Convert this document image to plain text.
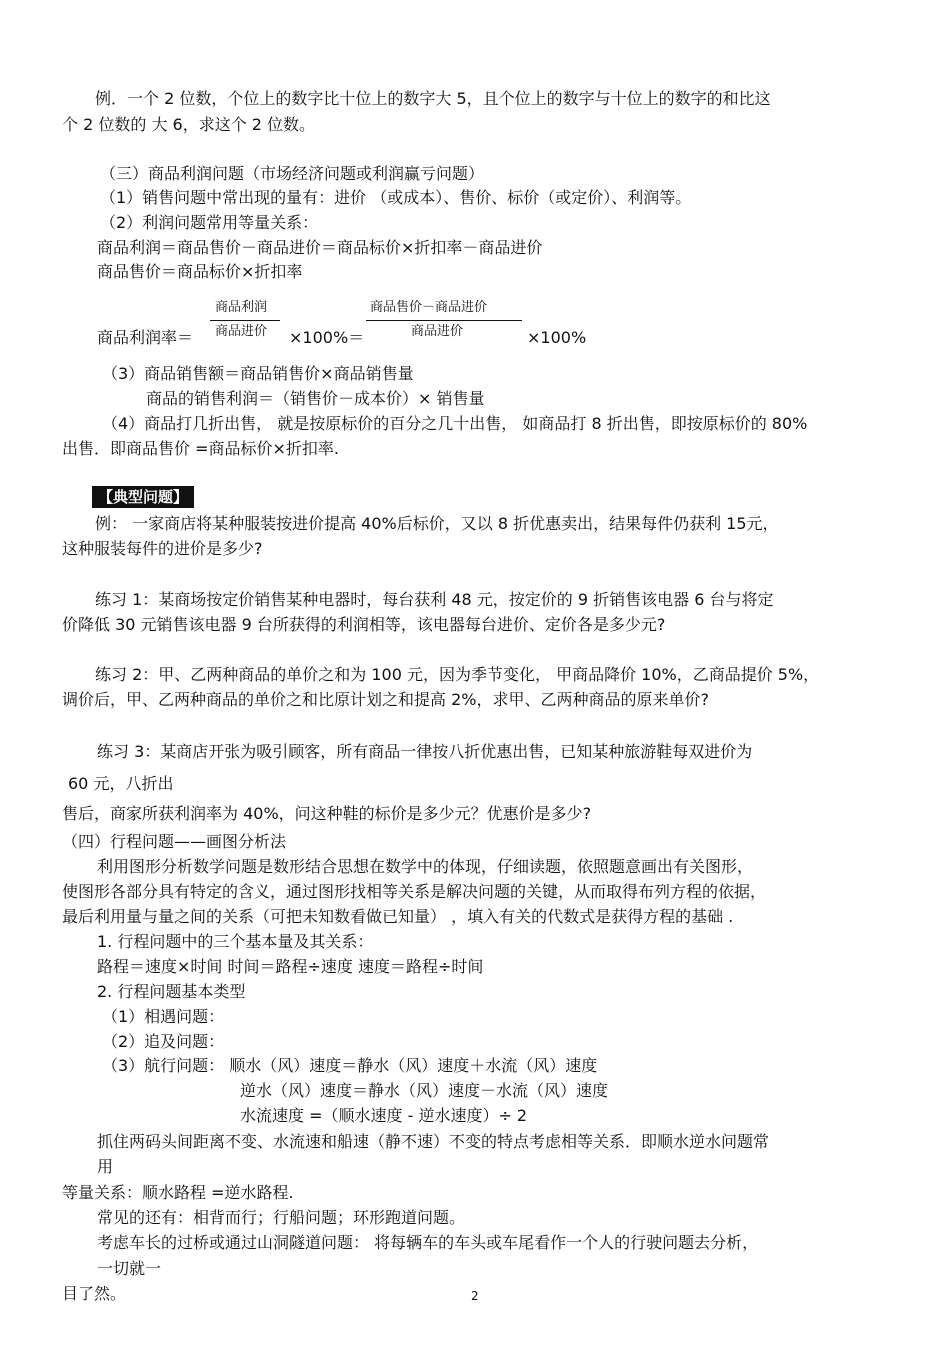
例．一个 2 位数，个位上的数字比十位上的数字大 5，且个位上的数字与十位上的数字的和比这
个 2 位数的 大 6，求这个 2 位数。
（三）商品利润问题（市场经济问题或利润赢亏问题）
（1）销售问题中常出现的量有：进价 （或成本）、售价、标价（或定价）、利润等。
（2）利润问题常用等量关系：
商品利润＝商品售价－商品进价＝商品标价×折扣率－商品进价
商品售价＝商品标价×折扣率
商品利润率＝
商品利润
商品进价 ×100%＝
商品售价－商品进价
商品进价	×100%
（3）商品销售额＝商品销售价×商品销售量
商品的销售利润＝（销售价－成本价）× 销售量
（4）商品打几折出售， 就是按原标价的百分之几十出售， 如商品打 8 折出售，即按原标价的 80%
出售．即商品售价 =商品标价×折扣率.
【典型问题】
例： 一家商店将某种服装按进价提高 40%后标价，又以 8 折优惠卖出，结果每件仍获利 15元，
这种服装每件的进价是多少?
练习 1：某商场按定价销售某种电器时，每台获利 48 元，按定价的 9 折销售该电器 6 台与将定
价降低 30 元销售该电器 9 台所获得的利润相等，该电器每台进价、定价各是多少元?
练习 2：甲、乙两种商品的单价之和为 100 元，因为季节变化， 甲商品降价 10%，乙商品提价 5%，
调价后，甲、乙两种商品的单价之和比原计划之和提高 2%，求甲、乙两种商品的原来单价?
练习 3：某商店开张为吸引顾客，所有商品一律按八折优惠出售，已知某种旅游鞋每双进价为
60 元，八折出
售后，商家所获利润率为 40%，问这种鞋的标价是多少元？优惠价是多少?
（四）行程问题——画图分析法
利用图形分析数学问题是数形结合思想在数学中的体现，仔细读题，依照题意画出有关图形，
使图形各部分具有特定的含义，通过图形找相等关系是解决问题的关键，从而取得布列方程的依据，
最后利用量与量之间的关系（可把未知数看做已知量） ，填入有关的代数式是获得方程的基础 .
1. 行程问题中的三个基本量及其关系：
路程＝速度×时间 时间＝路程÷速度 速度＝路程÷时间
2. 行程问题基本类型
（1）相遇问题：
（2）追及问题：
（3）航行问题： 顺水（风）速度＝静水（风）速度＋水流（风）速度
逆水（风）速度＝静水（风）速度－水流（风）速度
水流速度 =（顺水速度 - 逆水速度）÷ 2
抓住两码头间距离不变、水流速和船速（静不速）不变的特点考虑相等关系．即顺水逆水问题常
用
等量关系：顺水路程 =逆水路程.
常见的还有：相背而行；行船问题；环形跑道问题。
考虑车长的过桥或通过山洞隧道问题： 将每辆车的车头或车尾看作一个人的行驶问题去分析，
一切就一
目了然。	2
